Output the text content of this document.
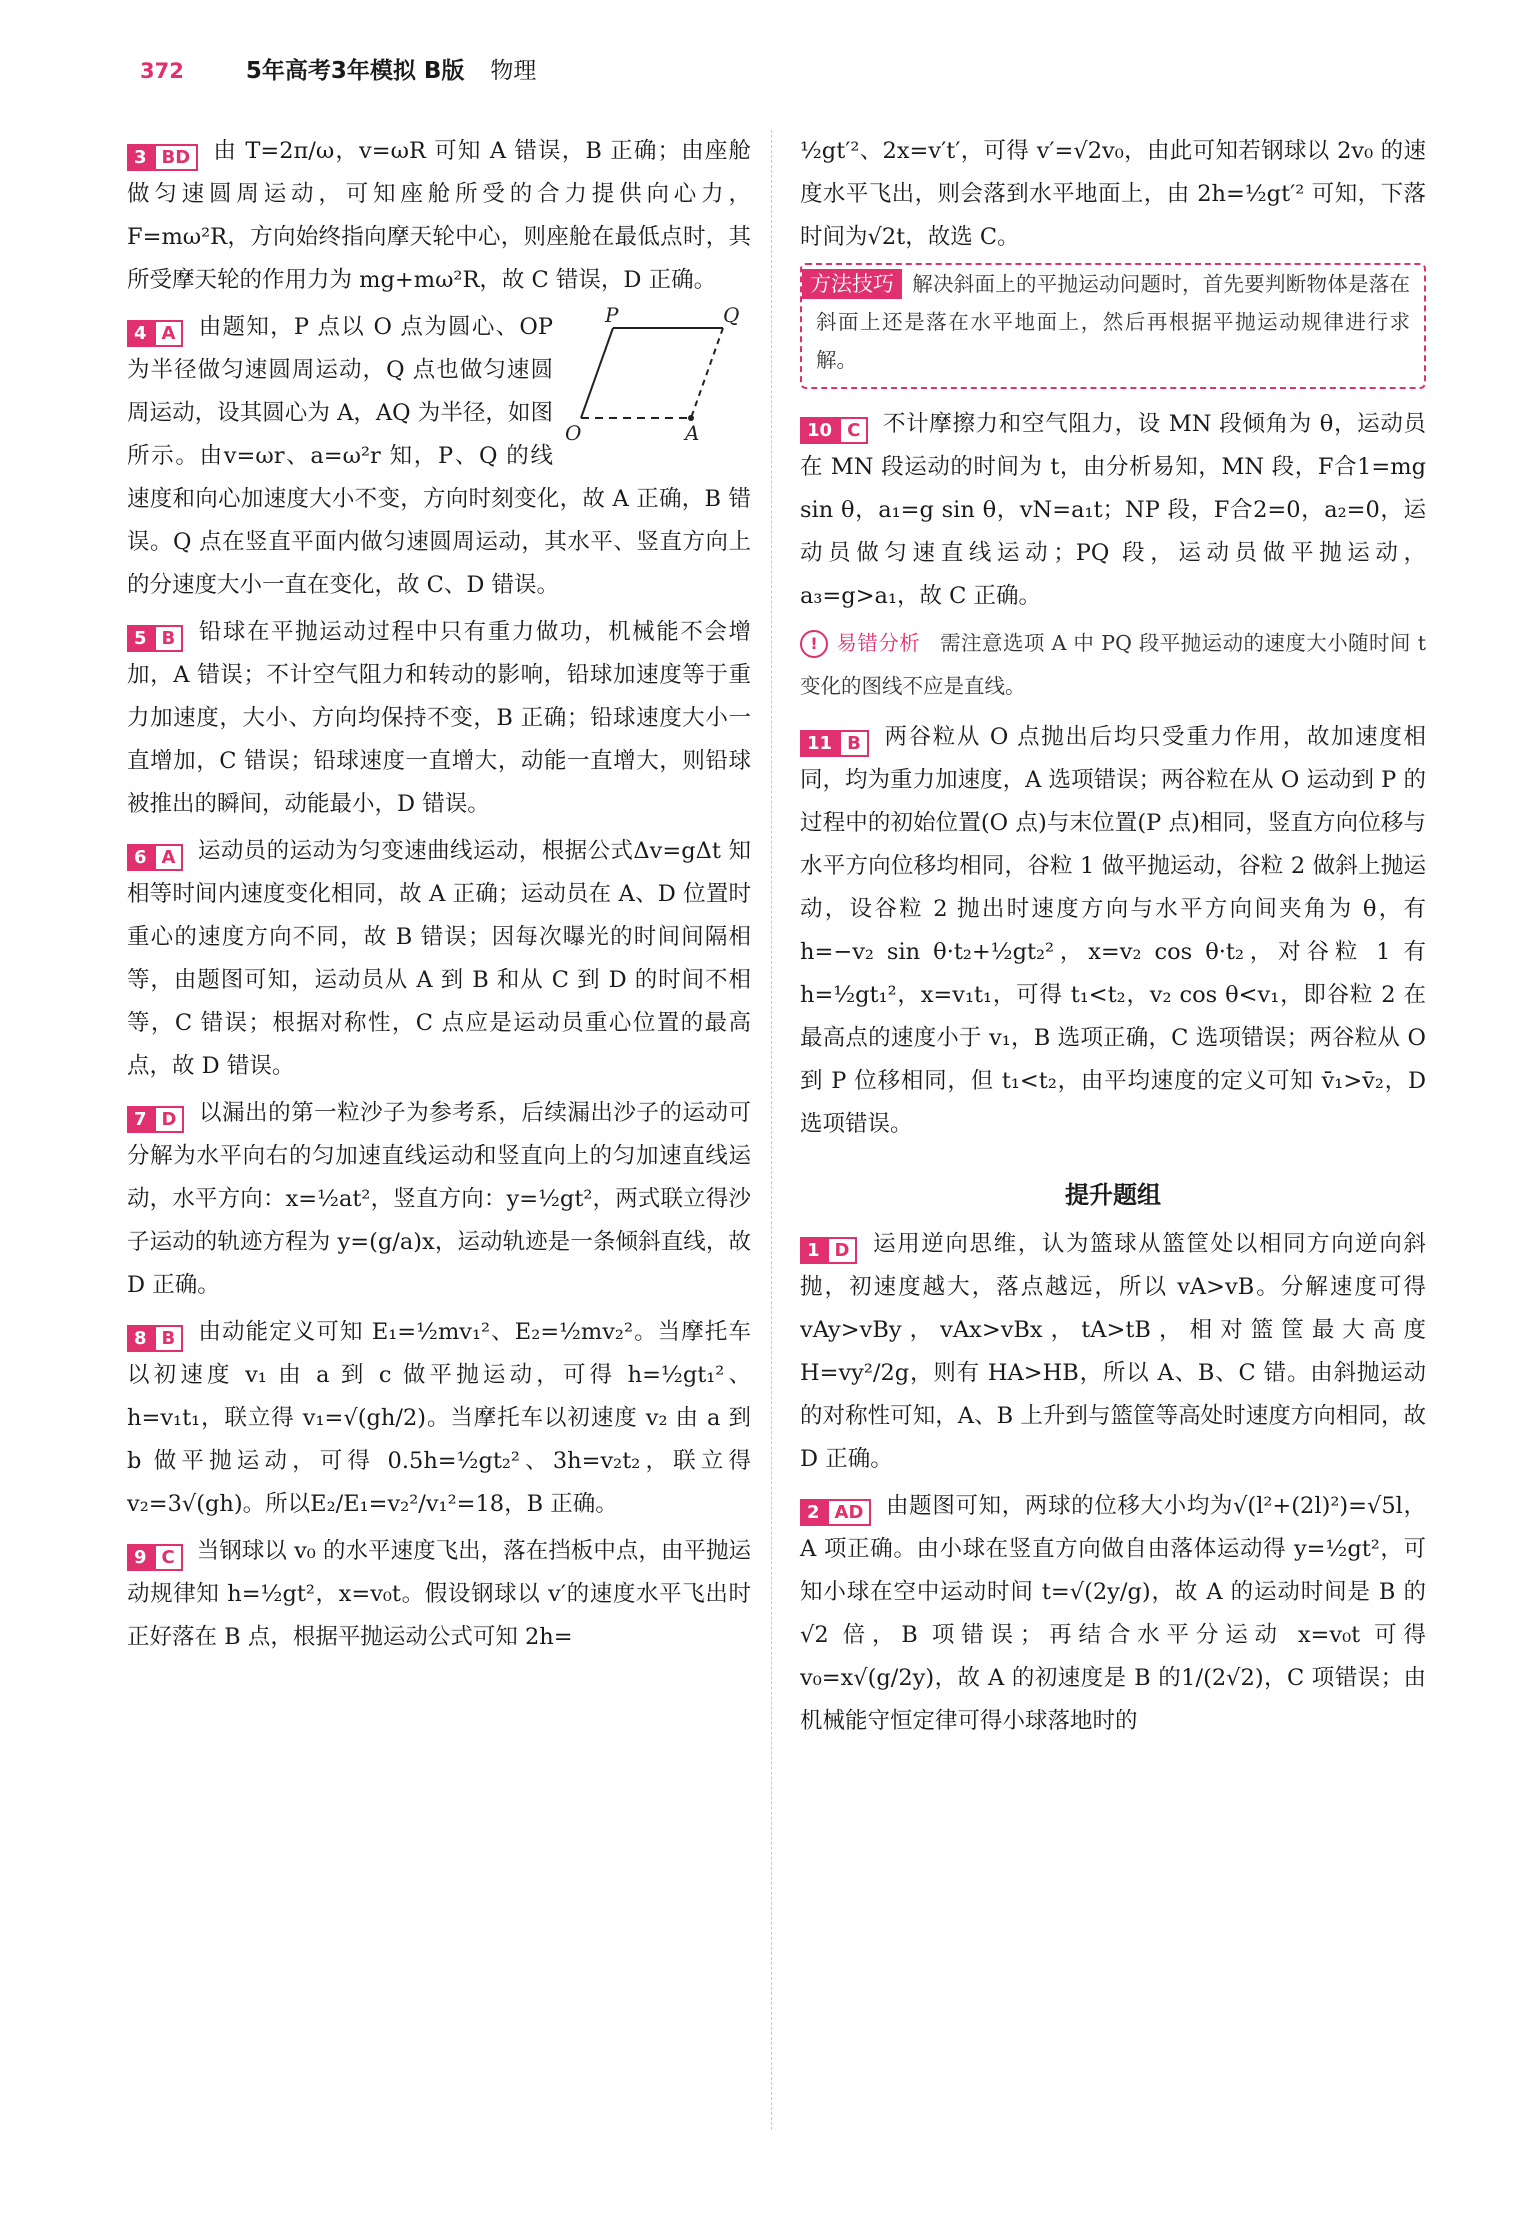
372	5年高考3年模拟 B版 物理

3 BD 由 T=2π/ω，v=ωR 可知 A 错误，B 正确；由座舱做匀速圆周运动，可知座舱所受的合力提供向心力，F=mω²R，方向始终指向摩天轮中心，则座舱在最低点时，其所受摩天轮的作用力为 mg+mω²R，故 C 错误，D 正确。

P	Q
O	A
4 A 由题知，P 点以 O 点为圆心、OP 为半径做匀速圆周运动，Q 点也做匀速圆周运动，设其圆心为 A，AQ 为半径，如图所示。由v=ωr、a=ω²r 知，P、Q 的线速度和向心加速度大小不变，方向时刻变化，故 A 正确，B 错误。Q 点在竖直平面内做匀速圆周运动，其水平、竖直方向上的分速度大小一直在变化，故 C、D 错误。

5 B 铅球在平抛运动过程中只有重力做功，机械能不会增加，A 错误；不计空气阻力和转动的影响，铅球加速度等于重力加速度，大小、方向均保持不变，B 正确；铅球速度大小一直增加，C 错误；铅球速度一直增大，动能一直增大，则铅球被推出的瞬间，动能最小，D 错误。

6 A 运动员的运动为匀变速曲线运动，根据公式Δv=gΔt 知相等时间内速度变化相同，故 A 正确；运动员在 A、D 位置时重心的速度方向不同，故 B 错误；因每次曝光的时间间隔相等，由题图可知，运动员从 A 到 B 和从 C 到 D 的时间不相等，C 错误；根据对称性，C 点应是运动员重心位置的最高点，故 D 错误。

7 D 以漏出的第一粒沙子为参考系，后续漏出沙子的运动可分解为水平向右的匀加速直线运动和竖直向上的匀加速直线运动，水平方向：x=½at²，竖直方向：y=½gt²，两式联立得沙子运动的轨迹方程为 y=(g/a)x，运动轨迹是一条倾斜直线，故 D 正确。

8 B 由动能定义可知 E₁=½mv₁²、E₂=½mv₂²。当摩托车以初速度 v₁ 由 a 到 c 做平抛运动，可得 h=½gt₁²、h=v₁t₁，联立得 v₁=√(gh/2)。当摩托车以初速度 v₂ 由 a 到 b 做平抛运动，可得 0.5h=½gt₂²、3h=v₂t₂，联立得v₂=3√(gh)。所以E₂/E₁=v₂²/v₁²=18，B 正确。

9 C 当钢球以 v₀ 的水平速度飞出，落在挡板中点，由平抛运动规律知 h=½gt²，x=v₀t。假设钢球以 v′的速度水平飞出时正好落在 B 点，根据平抛运动公式可知 2h=

½gt′²、2x=v′t′，可得 v′=√2v₀，由此可知若钢球以 2v₀ 的速度水平飞出，则会落到水平地面上，由 2h=½gt′² 可知，下落时间为√2t，故选 C。

方法技巧 解决斜面上的平抛运动问题时，首先要判断物体是落在斜面上还是落在水平地面上，然后再根据平抛运动规律进行求解。

10 C 不计摩擦力和空气阻力，设 MN 段倾角为 θ，运动员在 MN 段运动的时间为 t，由分析易知，MN 段，F合1=mg sin θ，a₁=g sin θ，vN=a₁t；NP 段，F合2=0，a₂=0，运动员做匀速直线运动；PQ 段，运动员做平抛运动，a₃=g>a₁，故 C 正确。

! 易错分析 需注意选项 A 中 PQ 段平抛运动的速度大小随时间 t 变化的图线不应是直线。

11 B 两谷粒从 O 点抛出后均只受重力作用，故加速度相同，均为重力加速度，A 选项错误；两谷粒在从 O 运动到 P 的过程中的初始位置(O 点)与末位置(P 点)相同，竖直方向位移与水平方向位移均相同，谷粒 1 做平抛运动，谷粒 2 做斜上抛运动，设谷粒 2 抛出时速度方向与水平方向间夹角为 θ，有h=−v₂ sin θ·t₂+½gt₂²，x=v₂ cos θ·t₂，对谷粒 1 有 h=½gt₁²，x=v₁t₁，可得 t₁<t₂，v₂ cos θ<v₁，即谷粒 2 在最高点的速度小于 v₁，B 选项正确，C 选项错误；两谷粒从 O 到 P 位移相同，但 t₁<t₂，由平均速度的定义可知 v̄₁>v̄₂，D 选项错误。

提升题组

1 D 运用逆向思维，认为篮球从篮筐处以相同方向逆向斜抛，初速度越大，落点越远，所以 vA>vB。分解速度可得 vAy>vBy，vAx>vBx，tA>tB，相对篮筐最大高度 H=vy²/2g，则有 HA>HB，所以 A、B、C 错。由斜抛运动的对称性可知，A、B 上升到与篮筐等高处时速度方向相同，故 D 正确。

2 AD 由题图可知，两球的位移大小均为√(l²+(2l)²)=√5l，A 项正确。由小球在竖直方向做自由落体运动得 y=½gt²，可知小球在空中运动时间 t=√(2y/g)，故 A 的运动时间是 B 的√2 倍，B 项错误；再结合水平分运动 x=v₀t 可得 v₀=x√(g/2y)，故 A 的初速度是 B 的1/(2√2)，C 项错误；由机械能守恒定律可得小球落地时的
